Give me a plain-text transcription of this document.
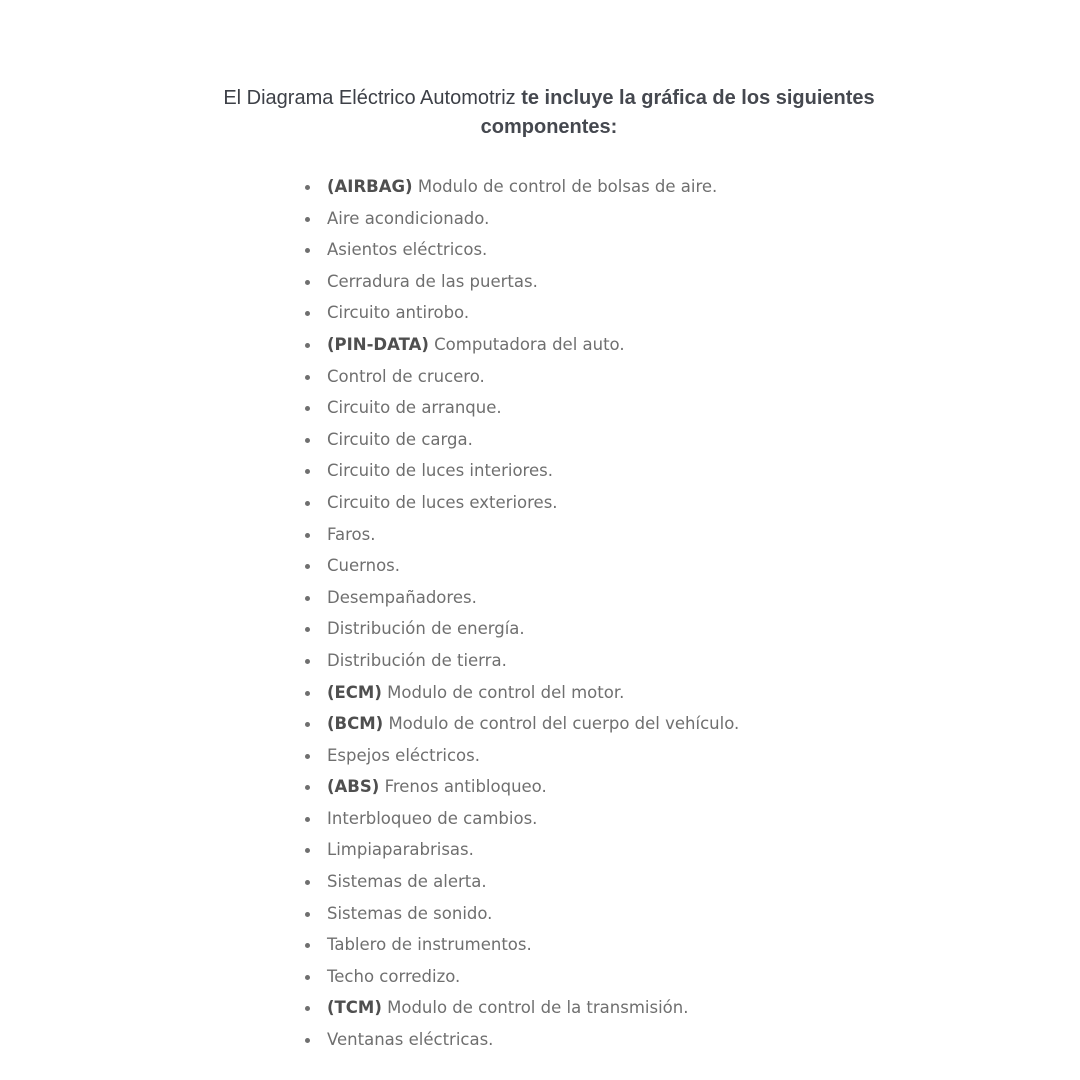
El Diagrama Eléctrico Automotriz te incluye la gráfica de los siguientes componentes:

(AIRBAG) Modulo de control de bolsas de aire.
Aire acondicionado.
Asientos eléctricos.
Cerradura de las puertas.
Circuito antirobo.
(PIN-DATA) Computadora del auto.
Control de crucero.
Circuito de arranque.
Circuito de carga.
Circuito de luces interiores.
Circuito de luces exteriores.
Faros.
Cuernos.
Desempañadores.
Distribución de energía.
Distribución de tierra.
(ECM) Modulo de control del motor.
(BCM) Modulo de control del cuerpo del vehículo.
Espejos eléctricos.
(ABS) Frenos antibloqueo.
Interbloqueo de cambios.
Limpiaparabrisas.
Sistemas de alerta.
Sistemas de sonido.
Tablero de instrumentos.
Techo corredizo.
(TCM) Modulo de control de la transmisión.
Ventanas eléctricas.
